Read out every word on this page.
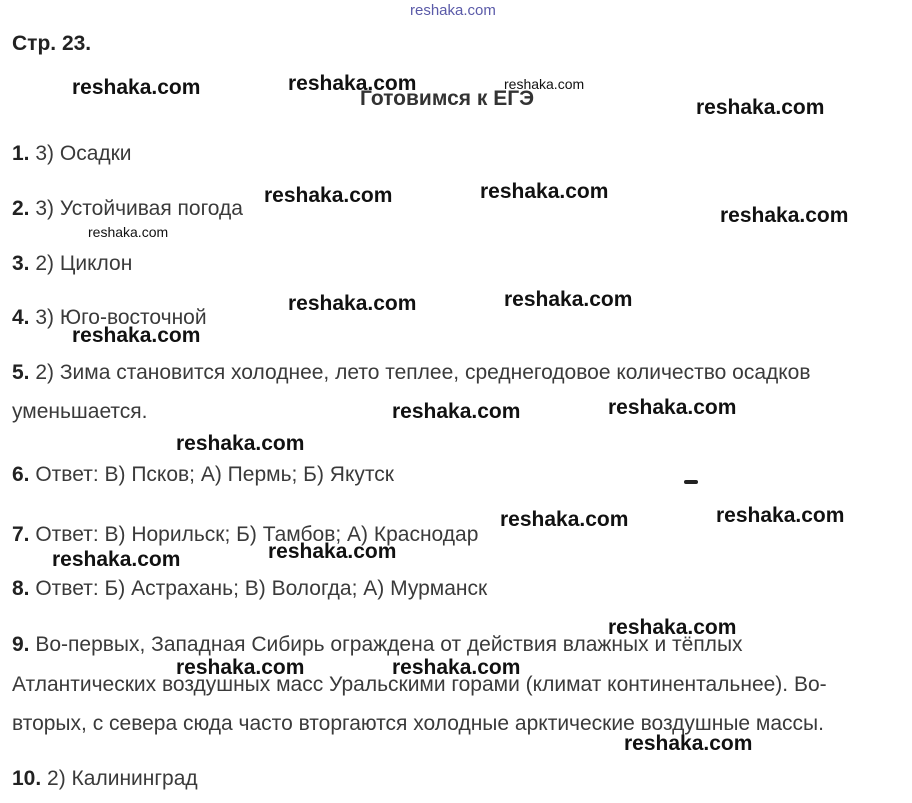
reshaka.com
Стр. 23.
Готовимся к ЕГЭ
1. 3) Осадки
2. 3) Устойчивая погода
3. 2) Циклон
4. 3) Юго-восточной
5. 2) Зима становится холоднее, лето теплее, среднегодовое количество осадков
уменьшается.
6. Ответ: В) Псков; А) Пермь; Б) Якутск
7. Ответ: В) Норильск; Б) Тамбов; А) Краснодар
8. Ответ: Б) Астрахань; В) Вологда; А) Мурманск
9. Во-первых, Западная Сибирь ограждена от действия влажных и тёплых
Атлантических воздушных масс Уральскими горами (климат континентальнее). Во-
вторых, с севера сюда часто вторгаются холодные арктические воздушные массы.
10. 2) Калининград
reshaka.com	reshaka.com	reshaka.com
reshaka.com
reshaka.com	reshaka.com
reshaka.com
reshaka.com
reshaka.com	reshaka.com
reshaka.com
reshaka.com	reshaka.com
reshaka.com
reshaka.com	reshaka.com
reshaka.com
reshaka.com
reshaka.com
reshaka.com	reshaka.com
reshaka.com
